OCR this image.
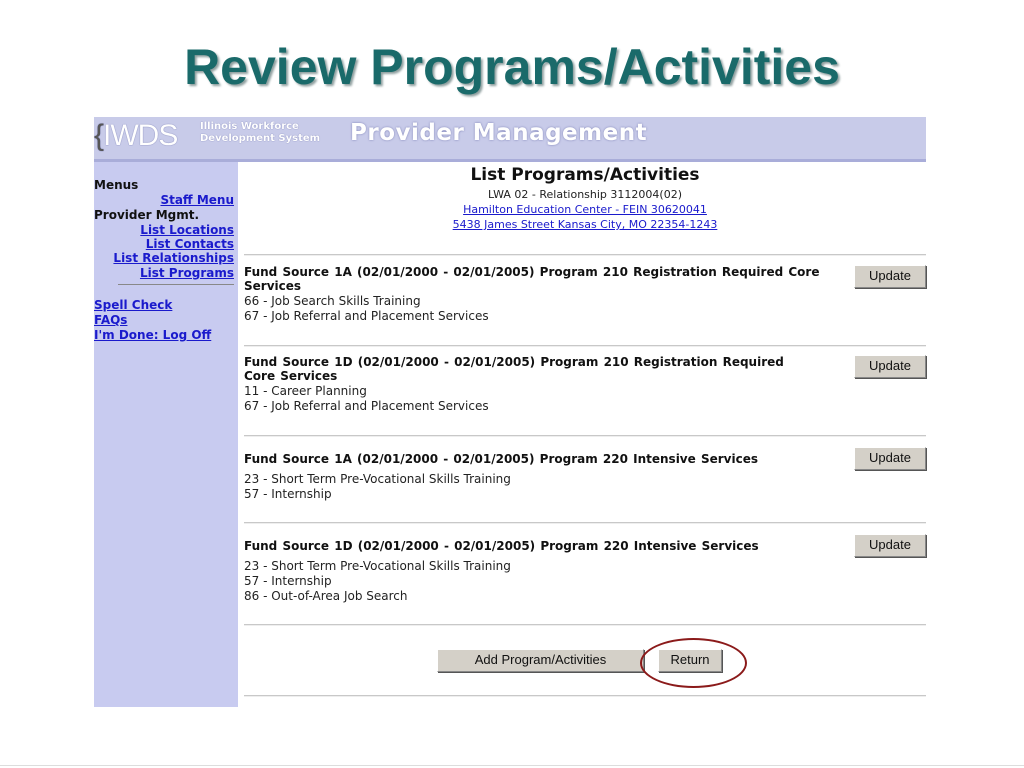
Review Programs/Activities
{IWDS Illinois Workforce
Development System Provider Management
Menus
Staff Menu
Provider Mgmt.
List Locations
List Contacts
List Relationships
List Programs
Spell Check
FAQs
I'm Done: Log Off
List Programs/Activities
LWA 02 - Relationship 3112004(02)
Hamilton Education Center - FEIN 30620041
5438 James Street Kansas City, MO 22354-1243
Fund Source 1A (02/01/2000 - 02/01/2005) Program 210 Registration Required Core Services
66 - Job Search Skills Training
67 - Job Referral and Placement Services
Update
Fund Source 1D (02/01/2000 - 02/01/2005) Program 210 Registration Required Core Services
11 - Career Planning
67 - Job Referral and Placement Services
Update
Fund Source 1A (02/01/2000 - 02/01/2005) Program 220 Intensive Services
23 - Short Term Pre-Vocational Skills Training
57 - Internship
Update
Fund Source 1D (02/01/2000 - 02/01/2005) Program 220 Intensive Services
23 - Short Term Pre-Vocational Skills Training
57 - Internship
86 - Out-of-Area Job Search
Update
Add Program/Activities	Return
